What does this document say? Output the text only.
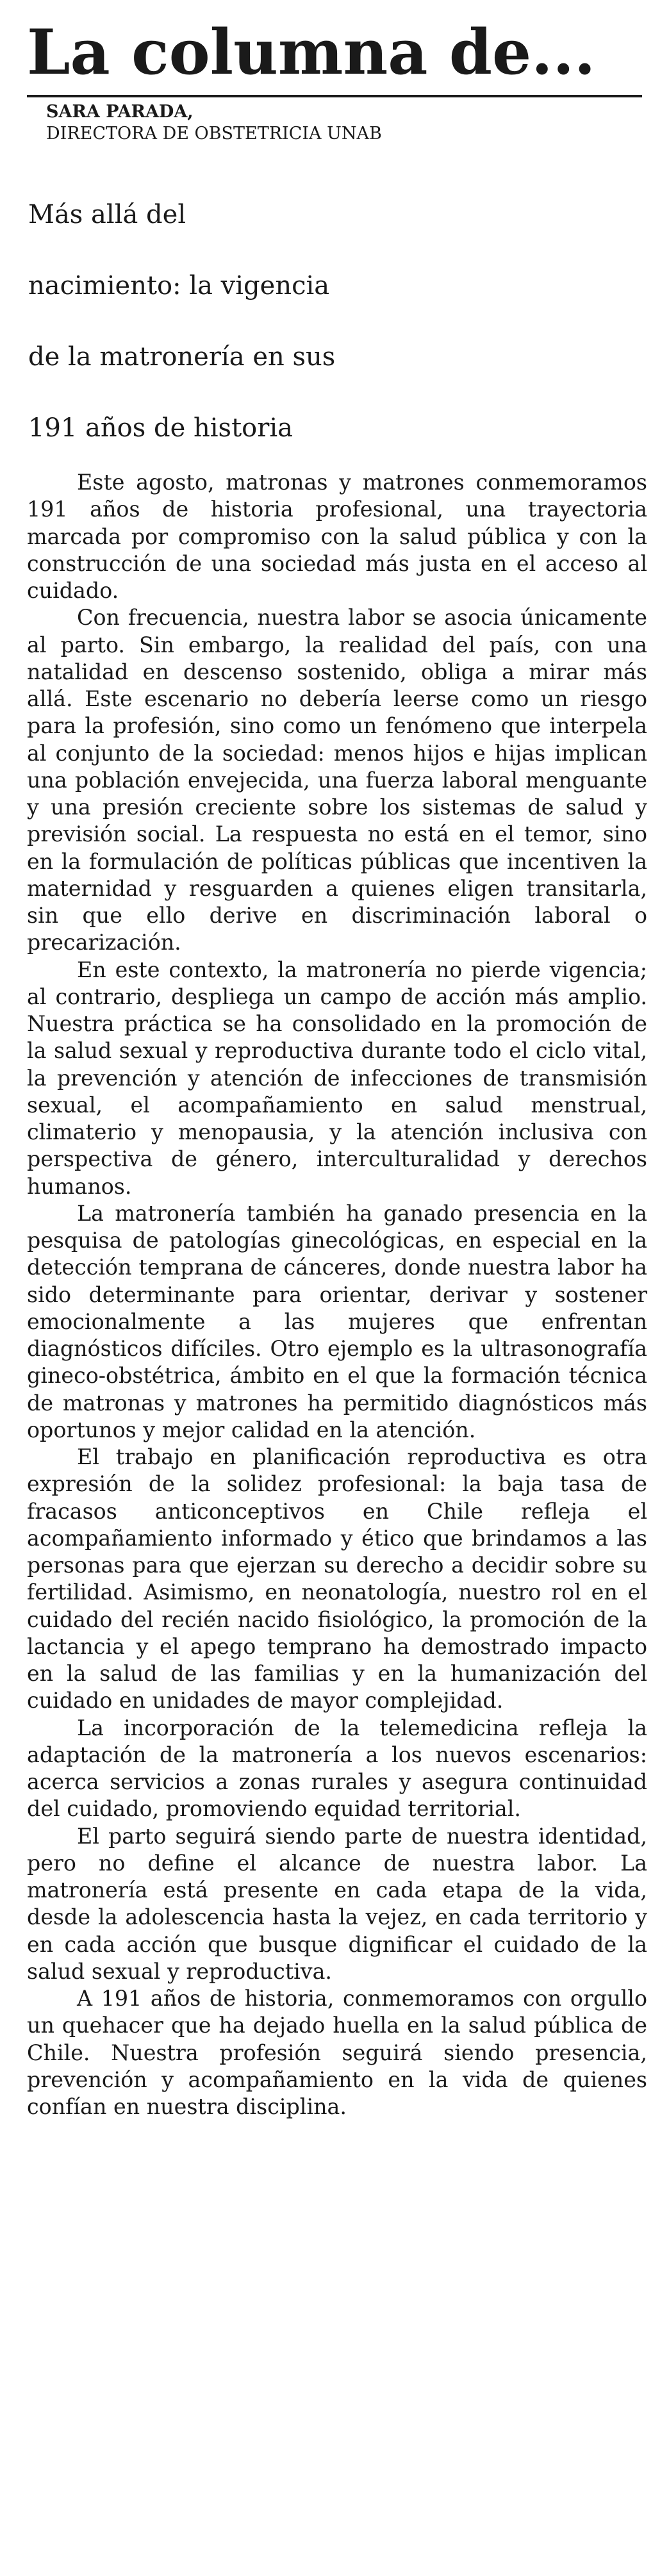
La columna de...
SARA PARADA,
DIRECTORA DE OBSTETRICIA UNAB
Más allá del
nacimiento: la vigencia
de la matronería en sus
191 años de historia

Este agosto, matronas y matrones conmemoramos 191 años de historia profesional, una trayectoria marcada por compromiso con la salud pública y con la construcción de una sociedad más justa en el acceso al cuidado.

Con frecuencia, nuestra labor se asocia únicamente al parto. Sin embargo, la realidad del país, con una natalidad en descenso sostenido, obliga a mirar más allá. Este escenario no debería leerse como un riesgo para la profesión, sino como un fenómeno que interpela al conjunto de la sociedad: menos hijos e hijas implican una población envejecida, una fuerza laboral menguante y una presión creciente sobre los sistemas de salud y previsión social. La respuesta no está en el temor, sino en la formulación de políticas públicas que incentiven la maternidad y resguarden a quienes eligen transitarla, sin que ello derive en discriminación laboral o precarización.

En este contexto, la matronería no pierde vigencia; al contrario, despliega un campo de acción más amplio. Nuestra práctica se ha consolidado en la promoción de la salud sexual y reproductiva durante todo el ciclo vital, la prevención y atención de infecciones de transmisión sexual, el acompañamiento en salud menstrual, climaterio y menopausia, y la atención inclusiva con perspectiva de género, interculturalidad y derechos humanos.

La matronería también ha ganado presencia en la pesquisa de patologías ginecológicas, en especial en la detección temprana de cánceres, donde nuestra labor ha sido determinante para orientar, derivar y sostener emocionalmente a las mujeres que enfrentan diagnósticos difíciles. Otro ejemplo es la ultrasonografía gineco-obstétrica, ámbito en el que la formación técnica de matronas y matrones ha permitido diagnósticos más oportunos y mejor calidad en la atención.

El trabajo en planificación reproductiva es otra expresión de la solidez profesional: la baja tasa de fracasos anticonceptivos en Chile refleja el acompañamiento informado y ético que brindamos a las personas para que ejerzan su derecho a decidir sobre su fertilidad. Asimismo, en neonatología, nuestro rol en el cuidado del recién nacido fisiológico, la promoción de la lactancia y el apego temprano ha demostrado impacto en la salud de las familias y en la humanización del cuidado en unidades de mayor complejidad.

La incorporación de la telemedicina refleja la adaptación de la matronería a los nuevos escenarios: acerca servicios a zonas rurales y asegura continuidad del cuidado, promoviendo equidad territorial.

El parto seguirá siendo parte de nuestra identidad, pero no define el alcance de nuestra labor. La matronería está presente en cada etapa de la vida, desde la adolescencia hasta la vejez, en cada territorio y en cada acción que busque dignificar el cuidado de la salud sexual y reproductiva.

A 191 años de historia, conmemoramos con orgullo un quehacer que ha dejado huella en la salud pública de Chile. Nuestra profesión seguirá siendo presencia, prevención y acompañamiento en la vida de quienes confían en nuestra disciplina.
